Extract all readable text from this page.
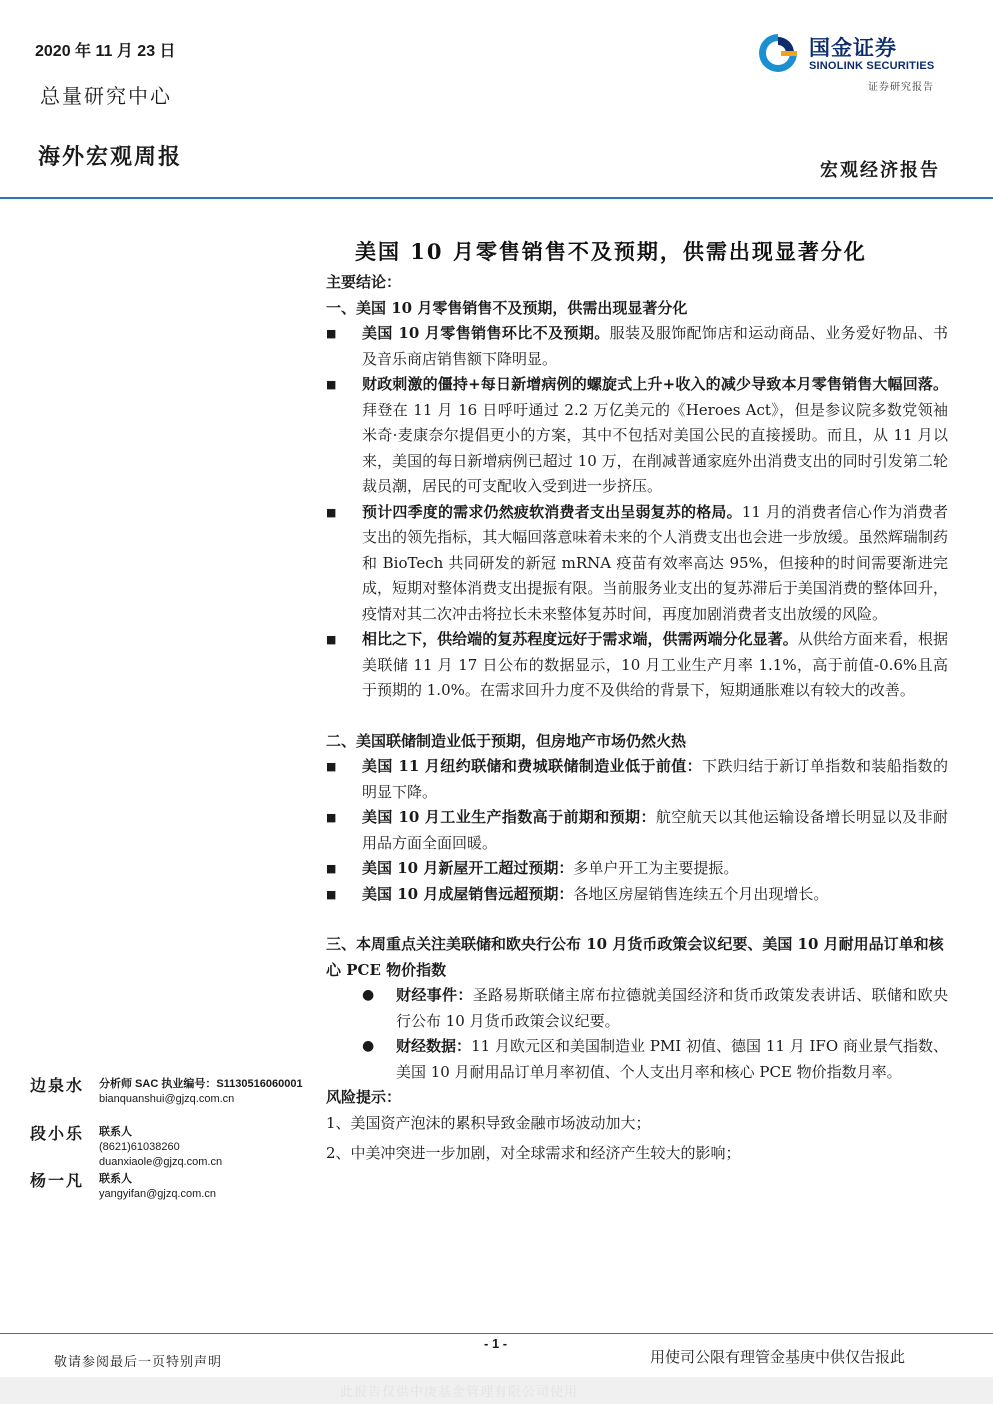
2020 年 11 月 23 日
总量研究中心
海外宏观周报
国金证券
SINOLINK SECURITIES
证券研究报告
宏观经济报告
美国 10 月零售销售不及预期，供需出现显著分化
主要结论：
一、美国 10 月零售销售不及预期，供需出现显著分化
■	美国 10 月零售销售环比不及预期。服装及服饰配饰店和运动商品、业务爱好物品、书及音乐商店销售额下降明显。
■	财政刺激的僵持+每日新增病例的螺旋式上升+收入的减少导致本月零售销售大幅回落。拜登在 11 月 16 日呼吁通过 2.2 万亿美元的《Heroes Act》，但是参议院多数党领袖米奇·麦康奈尔提倡更小的方案，其中不包括对美国公民的直接援助。而且，从 11 月以来，美国的每日新增病例已超过 10 万，在削减普通家庭外出消费支出的同时引发第二轮裁员潮，居民的可支配收入受到进一步挤压。
■	预计四季度的需求仍然疲软消费者支出呈弱复苏的格局。11 月的消费者信心作为消费者支出的领先指标，其大幅回落意味着未来的个人消费支出也会进一步放缓。虽然辉瑞制药和 BioTech 共同研发的新冠 mRNA 疫苗有效率高达 95%，但接种的时间需要渐进完成，短期对整体消费支出提振有限。当前服务业支出的复苏滞后于美国消费的整体回升，疫情对其二次冲击将拉长未来整体复苏时间，再度加剧消费者支出放缓的风险。
■	相比之下，供给端的复苏程度远好于需求端，供需两端分化显著。从供给方面来看，根据美联储 11 月 17 日公布的数据显示，10 月工业生产月率 1.1%，高于前值-0.6%且高于预期的 1.0%。在需求回升力度不及供给的背景下，短期通胀难以有较大的改善。
二、美国联储制造业低于预期，但房地产市场仍然火热
■	美国 11 月纽约联储和费城联储制造业低于前值：下跌归结于新订单指数和装船指数的明显下降。
■	美国 10 月工业生产指数高于前期和预期：航空航天以其他运输设备增长明显以及非耐用品方面全面回暖。
■	美国 10 月新屋开工超过预期：多单户开工为主要提振。
■	美国 10 月成屋销售远超预期：各地区房屋销售连续五个月出现增长。
三、本周重点关注美联储和欧央行公布 10 月货币政策会议纪要、美国 10 月耐用品订单和核心 PCE 物价指数
●	财经事件：圣路易斯联储主席布拉德就美国经济和货币政策发表讲话、联储和欧央行公布 10 月货币政策会议纪要。
●	财经数据：11 月欧元区和美国制造业 PMI 初值、德国 11 月 IFO 商业景气指数、美国 10 月耐用品订单月率初值、个人支出月率和核心 PCE 物价指数月率。
风险提示：
1、美国资产泡沫的累积导致金融市场波动加大；
2、中美冲突进一步加剧，对全球需求和经济产生较大的影响；
边泉水 分析师 SAC 执业编号：S1130516060001
bianquanshui@gjzq.com.cn
段小乐 联系人
(8621)61038260
duanxiaole@gjzq.com.cn
杨一凡 联系人
yangyifan@gjzq.com.cn
- 1 -
敬请参阅最后一页特别声明	用使司公限有理管金基庚中供仅告报此
此报告仅供中庚基金管理有限公司使用
